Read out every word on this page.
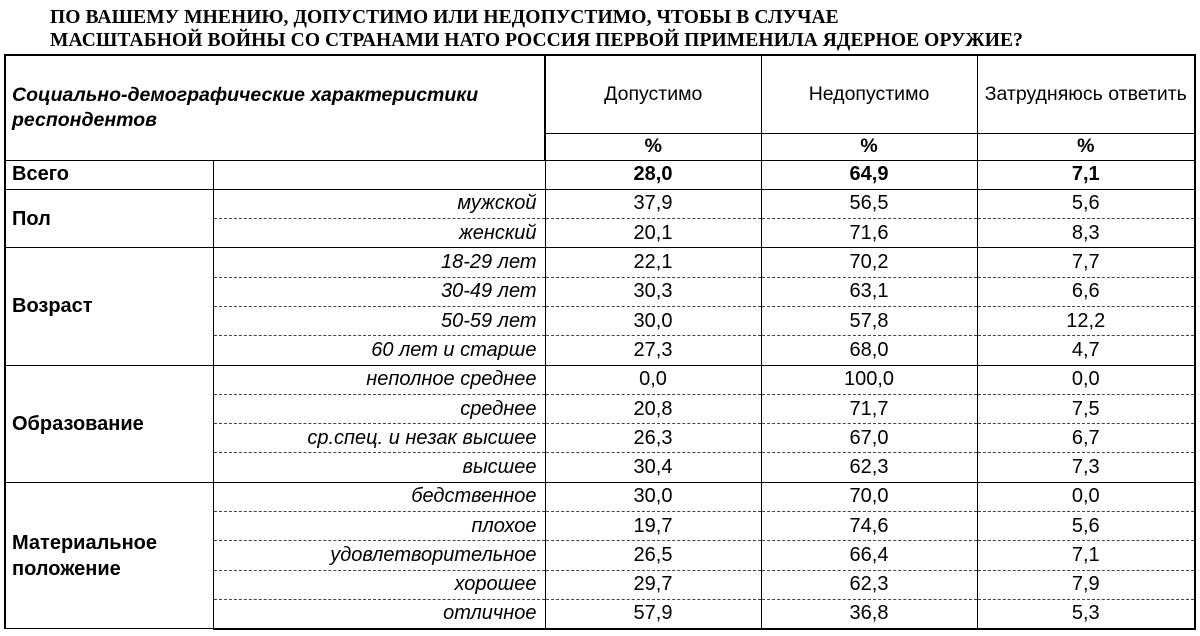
ПО ВАШЕМУ МНЕНИЮ, ДОПУСТИМО ИЛИ НЕДОПУСТИМО, ЧТОБЫ В СЛУЧАЕ
МАСШТАБНОЙ ВОЙНЫ СО СТРАНАМИ НАТО РОССИЯ ПЕРВОЙ ПРИМЕНИЛА ЯДЕРНОЕ ОРУЖИЕ?
Социально-демографические характеристики респондентов		Допустимо	Недопустимо	Затрудняюсь ответить
		%	%	%
Всего		28,0	64,9	7,1
Пол	мужской	37,9	56,5	5,6
	женский	20,1	71,6	8,3
Возраст	18-29 лет	22,1	70,2	7,7
	30-49 лет	30,3	63,1	6,6
	50-59 лет	30,0	57,8	12,2
	60 лет и старше	27,3	68,0	4,7
Образование	неполное среднее	0,0	100,0	0,0
	среднее	20,8	71,7	7,5
	ср.спец. и незак высшее	26,3	67,0	6,7
	высшее	30,4	62,3	7,3
Материальное положение	бедственное	30,0	70,0	0,0
	плохое	19,7	74,6	5,6
	удовлетворительное	26,5	66,4	7,1
	хорошее	29,7	62,3	7,9
	отличное	57,9	36,8	5,3
